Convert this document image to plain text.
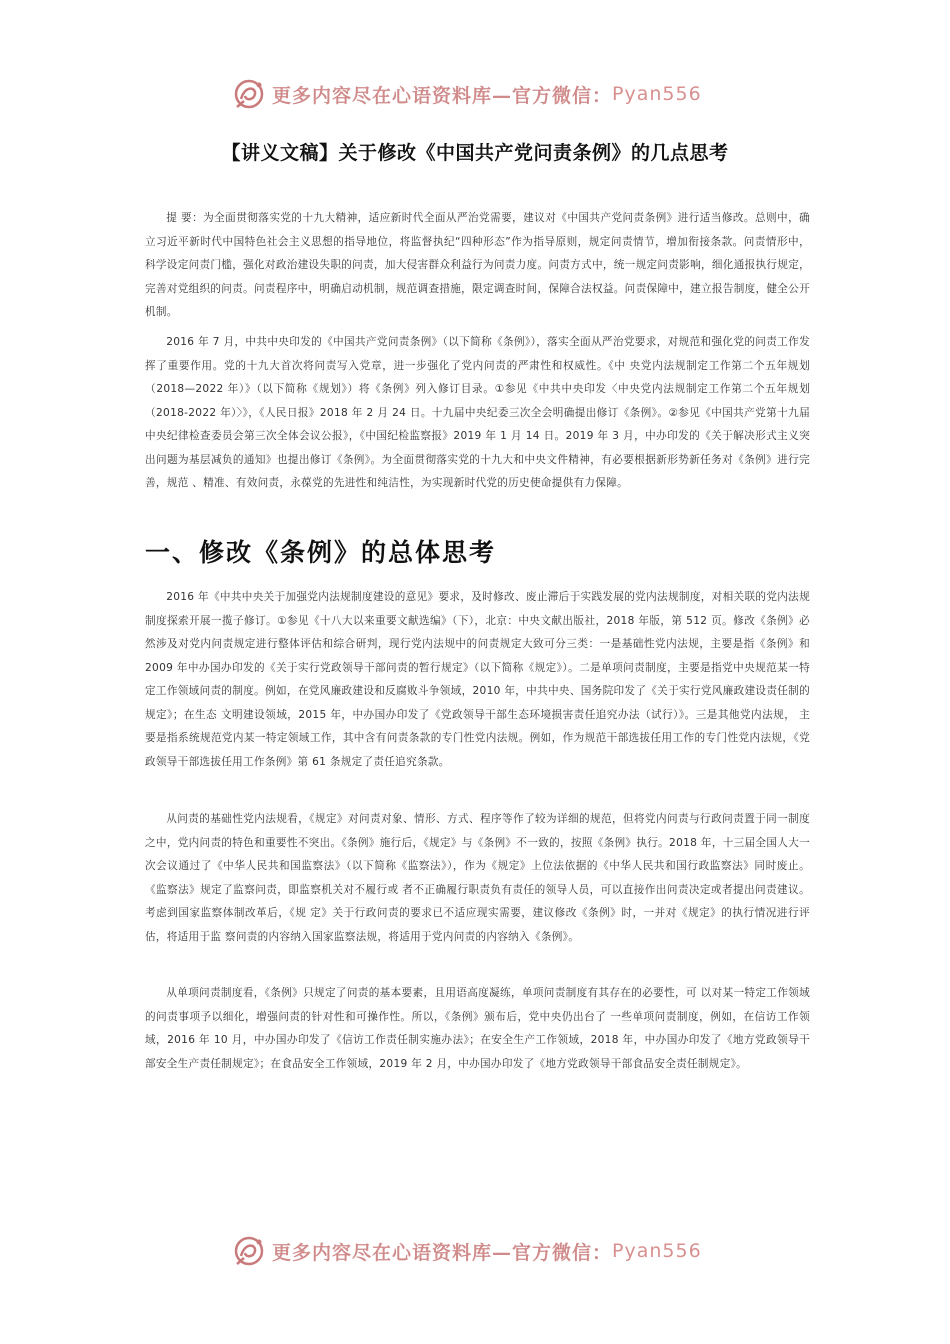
更多内容尽在心语资料库—官方微信： Pyan556
【讲义文稿】关于修改《中国共产党问责条例》的几点思考

提 要：为全面贯彻落实党的十九大精神，适应新时代全面从严治党需要，建议对《中国共产党问责条例》进行适当修改。总则中，确立习近平新时代中国特色社会主义思想的指导地位，将监督执纪“四种形态”作为指导原则，规定问责情节，增加衔接条款。问责情形中，科学设定问责门槛，强化对政治建设失职的问责，加大侵害群众利益行为问责力度。问责方式中，统一规定问责影响，细化通报执行规定，完善对党组织的问责。问责程序中，明确启动机制，规范调查措施，限定调查时间，保障合法权益。问责保障中，建立报告制度，健全公开机制。

2016 年 7 月，中共中央印发的《中国共产党问责条例》（以下简称《条例》），落实全面从严治党要求，对规范和强化党的问责工作发挥了重要作用。党的十九大首次将问责写入党章，进一步强化了党内问责的严肃性和权威性。《中 央党内法规制定工作第二个五年规划（2018—2022 年）》（以下简称《规划》）将《条例》列入修订目录。①参见《中共中央印发〈中央党内法规制定工作第二个五年规划（2018-2022 年）〉》，《人民日报》2018 年 2 月 24 日。十九届中央纪委三次全会明确提出修订《条例》。②参见《中国共产党第十九届中央纪律检查委员会第三次全体会议公报》，《中国纪检监察报》2019 年 1 月 14 日。2019 年 3 月，中办印发的《关于解决形式主义突出问题为基层减负的通知》也提出修订《条例》。为全面贯彻落实党的十九大和中央文件精神，有必要根据新形势新任务对《条例》进行完善，规范 、精准、有效问责，永葆党的先进性和纯洁性，为实现新时代党的历史使命提供有力保障。

一、修改《条例》的总体思考

2016 年《中共中央关于加强党内法规制度建设的意见》要求，及时修改、废止滞后于实践发展的党内法规制度，对相关联的党内法规制度探索开展一揽子修订。①参见《十八大以来重要文献选编》（下），北京：中央文献出版社，2018 年版，第 512 页。修改《条例》必然涉及对党内问责规定进行整体评估和综合研判，现行党内法规中的问责规定大致可分三类：一是基础性党内法规，主要是指《条例》和 2009 年中办国办印发的《关于实行党政领导干部问责的暂行规定》（以下简称《规定》）。二是单项问责制度，主要是指党中央规范某一特定工作领域问责的制度。例如，在党风廉政建设和反腐败斗争领域，2010 年，中共中央、国务院印发了《关于实行党风廉政建设责任制的规定》；在生态 文明建设领域，2015 年，中办国办印发了《党政领导干部生态环境损害责任追究办法（试行）》。三是其他党内法规， 主要是指系统规范党内某一特定领域工作，其中含有问责条款的专门性党内法规。例如，作为规范干部选拔任用工作的专门性党内法规，《党政领导干部选拔任用工作条例》第 61 条规定了责任追究条款。

从问责的基础性党内法规看，《规定》对问责对象、情形、方式、程序等作了较为详细的规范，但将党内问责与行政问责置于同一制度之中，党内问责的特色和重要性不突出。《条例》施行后，《规定》与《条例》不一致的，按照《条例》执行。2018 年，十三届全国人大一次会议通过了《中华人民共和国监察法》（以下简称《监察法》），作为《规定》上位法依据的《中华人民共和国行政监察法》同时废止。《监察法》规定了监察问责，即监察机关对不履行或 者不正确履行职责负有责任的领导人员，可以直接作出问责决定或者提出问责建议。考虑到国家监察体制改革后，《规 定》关于行政问责的要求已不适应现实需要，建议修改《条例》时，一并对《规定》的执行情况进行评估，将适用于监 察问责的内容纳入国家监察法规，将适用于党内问责的内容纳入《条例》。

从单项问责制度看，《条例》只规定了问责的基本要素，且用语高度凝练，单项问责制度有其存在的必要性，可 以对某一特定工作领域的问责事项予以细化，增强问责的针对性和可操作性。所以，《条例》颁布后，党中央仍出台了 一些单项问责制度，例如，在信访工作领域，2016 年 10 月，中办国办印发了《信访工作责任制实施办法》；在安全生产工作领域，2018 年，中办国办印发了《地方党政领导干部安全生产责任制规定》；在食品安全工作领域，2019 年 2 月，中办国办印发了《地方党政领导干部食品安全责任制规定》。

更多内容尽在心语资料库—官方微信： Pyan556
